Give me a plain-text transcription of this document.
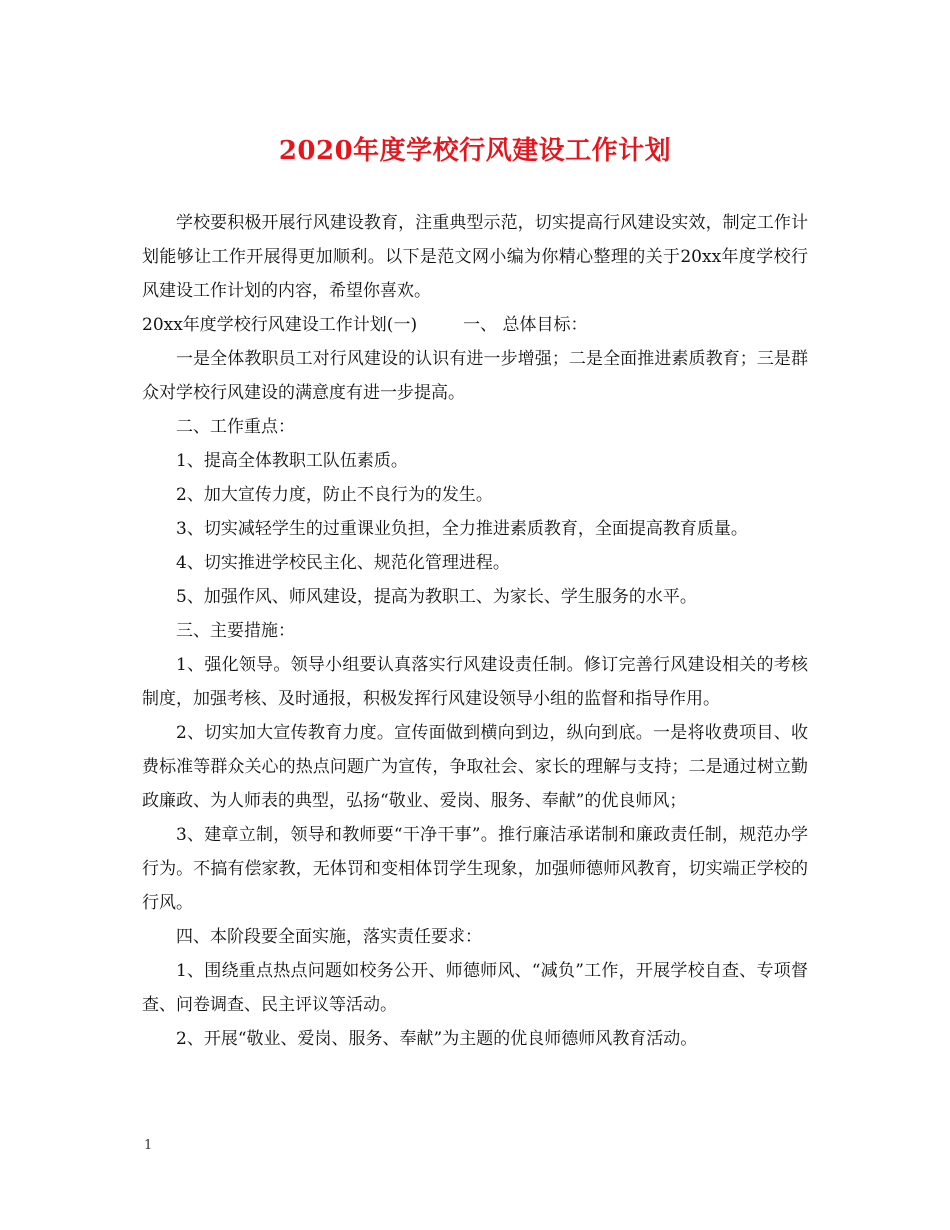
2020年度学校行风建设工作计划

学校要积极开展行风建设教育，注重典型示范，切实提高行风建设实效，制定工作计划能够让工作开展得更加顺利。以下是范文网小编为你精心整理的关于20xx年度学校行风建设工作计划的内容，希望你喜欢。

20xx年度学校行风建设工作计划(一)	一、 总体目标：

一是全体教职员工对行风建设的认识有进一步增强；二是全面推进素质教育；三是群众对学校行风建设的满意度有进一步提高。

二、工作重点：

1、提高全体教职工队伍素质。

2、加大宣传力度，防止不良行为的发生。

3、切实减轻学生的过重课业负担，全力推进素质教育，全面提高教育质量。

4、切实推进学校民主化、规范化管理进程。

5、加强作风、师风建设，提高为教职工、为家长、学生服务的水平。

三、主要措施：

1、强化领导。领导小组要认真落实行风建设责任制。修订完善行风建设相关的考核制度，加强考核、及时通报，积极发挥行风建设领导小组的监督和指导作用。

2、切实加大宣传教育力度。宣传面做到横向到边，纵向到底。一是将收费项目、收费标准等群众关心的热点问题广为宣传，争取社会、家长的理解与支持；二是通过树立勤政廉政、为人师表的典型，弘扬“敬业、爱岗、服务、奉献”的优良师风；

3、建章立制，领导和教师要“干净干事”。推行廉洁承诺制和廉政责任制，规范办学行为。不搞有偿家教，无体罚和变相体罚学生现象，加强师德师风教育，切实端正学校的行风。

四、本阶段要全面实施，落实责任要求：

1、围绕重点热点问题如校务公开、师德师风、“减负”工作，开展学校自查、专项督查、问卷调查、民主评议等活动。

2、开展“敬业、爱岗、服务、奉献”为主题的优良师德师风教育活动。

1
